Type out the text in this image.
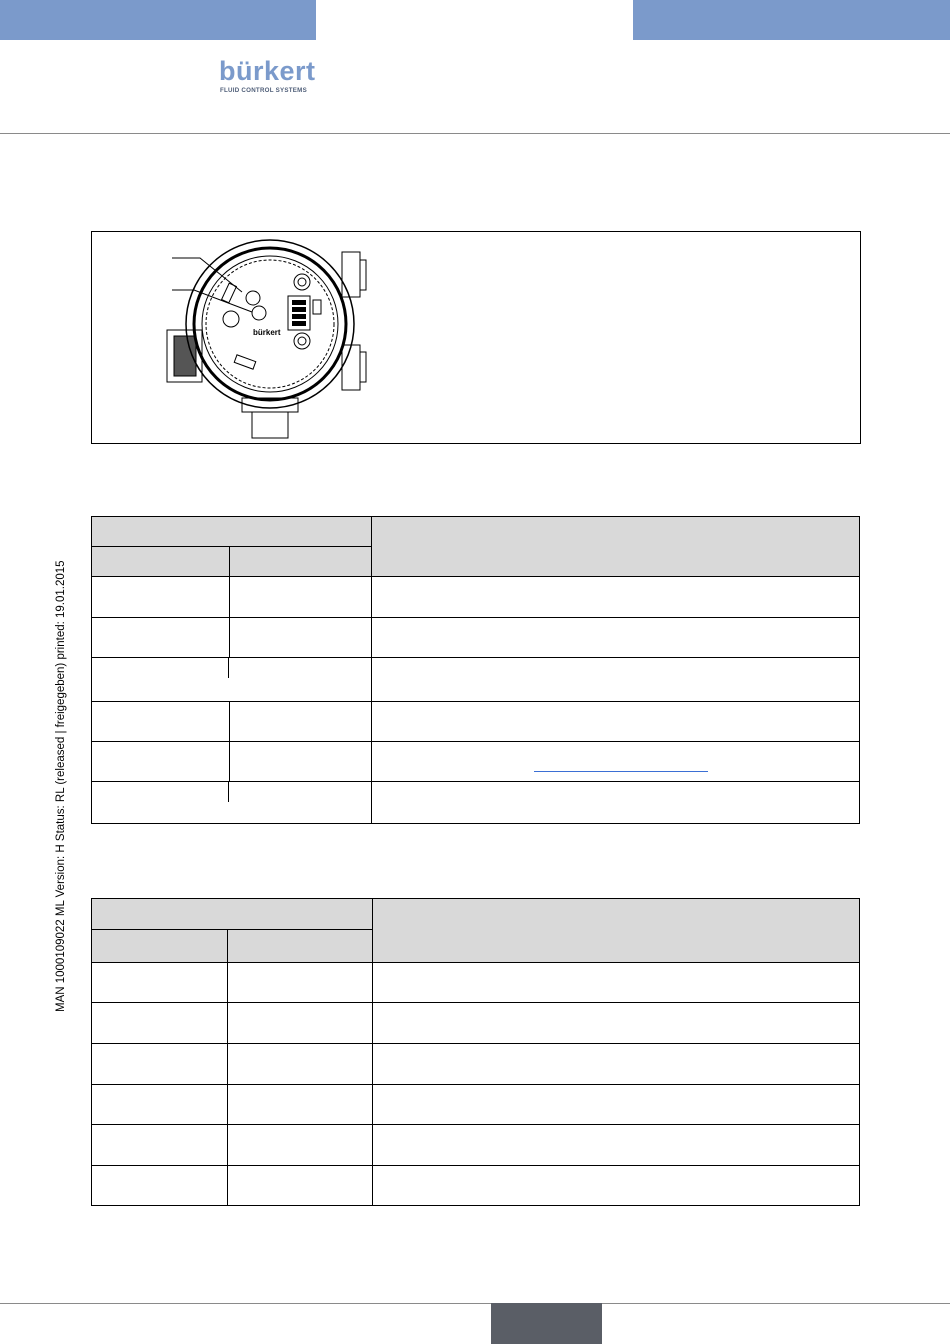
bürkert
FLUID CONTROL SYSTEMS
MAN 1000109022 ML Version: H Status: RL (released | freigegeben) printed: 19.01.2015
bürkert
